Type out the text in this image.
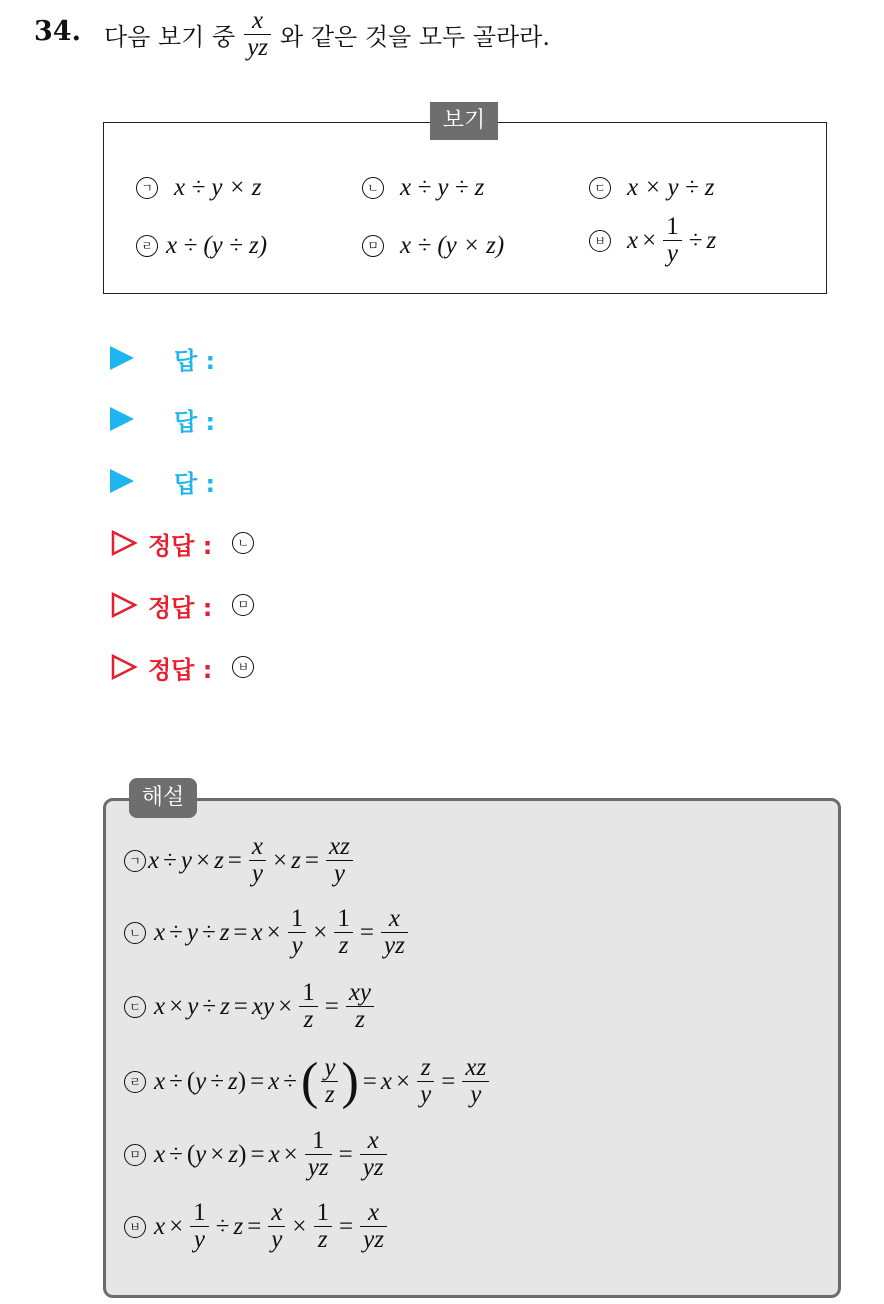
34. 다음 보기 중 $\frac{x}{yz}$ 와 같은 것을 모두 골라라.
보기
ㄱ x ÷ y × z	ㄴ x ÷ y ÷ z	ㄷ x × y ÷ z
ㄹ x ÷ (y ÷ z)	ㅁ x ÷ (y × z)	ㅂ $x \times \frac{1}{y} \div z$
답 :
답 :
답 :
정답 :	ㄴ
정답 :	ㅁ
정답 :	ㅂ
해설
ㄱ $x \div y \times z = \frac{x}{y} \times z = \frac{xz}{y}$
ㄴ $x \div y \div z = x \times \frac{1}{y} \times \frac{1}{z} = \frac{x}{yz}$
ㄷ x × y ÷ z = xy × $\frac{1}{z} = \frac{xy}{z}$
ㄹ x ÷ ( y ÷ z ) = x ÷ ( $\frac{y}{z}$ ) = $x \times \frac{z}{y} = \frac{xz}{y}$
ㅁ x ÷ ( y × z ) = $x \times \frac{1}{yz} = \frac{x}{yz}$
ㅂ $x \times \frac{1}{y} \div z = \frac{x}{y} \times \frac{1}{z} = \frac{x}{yz}$
